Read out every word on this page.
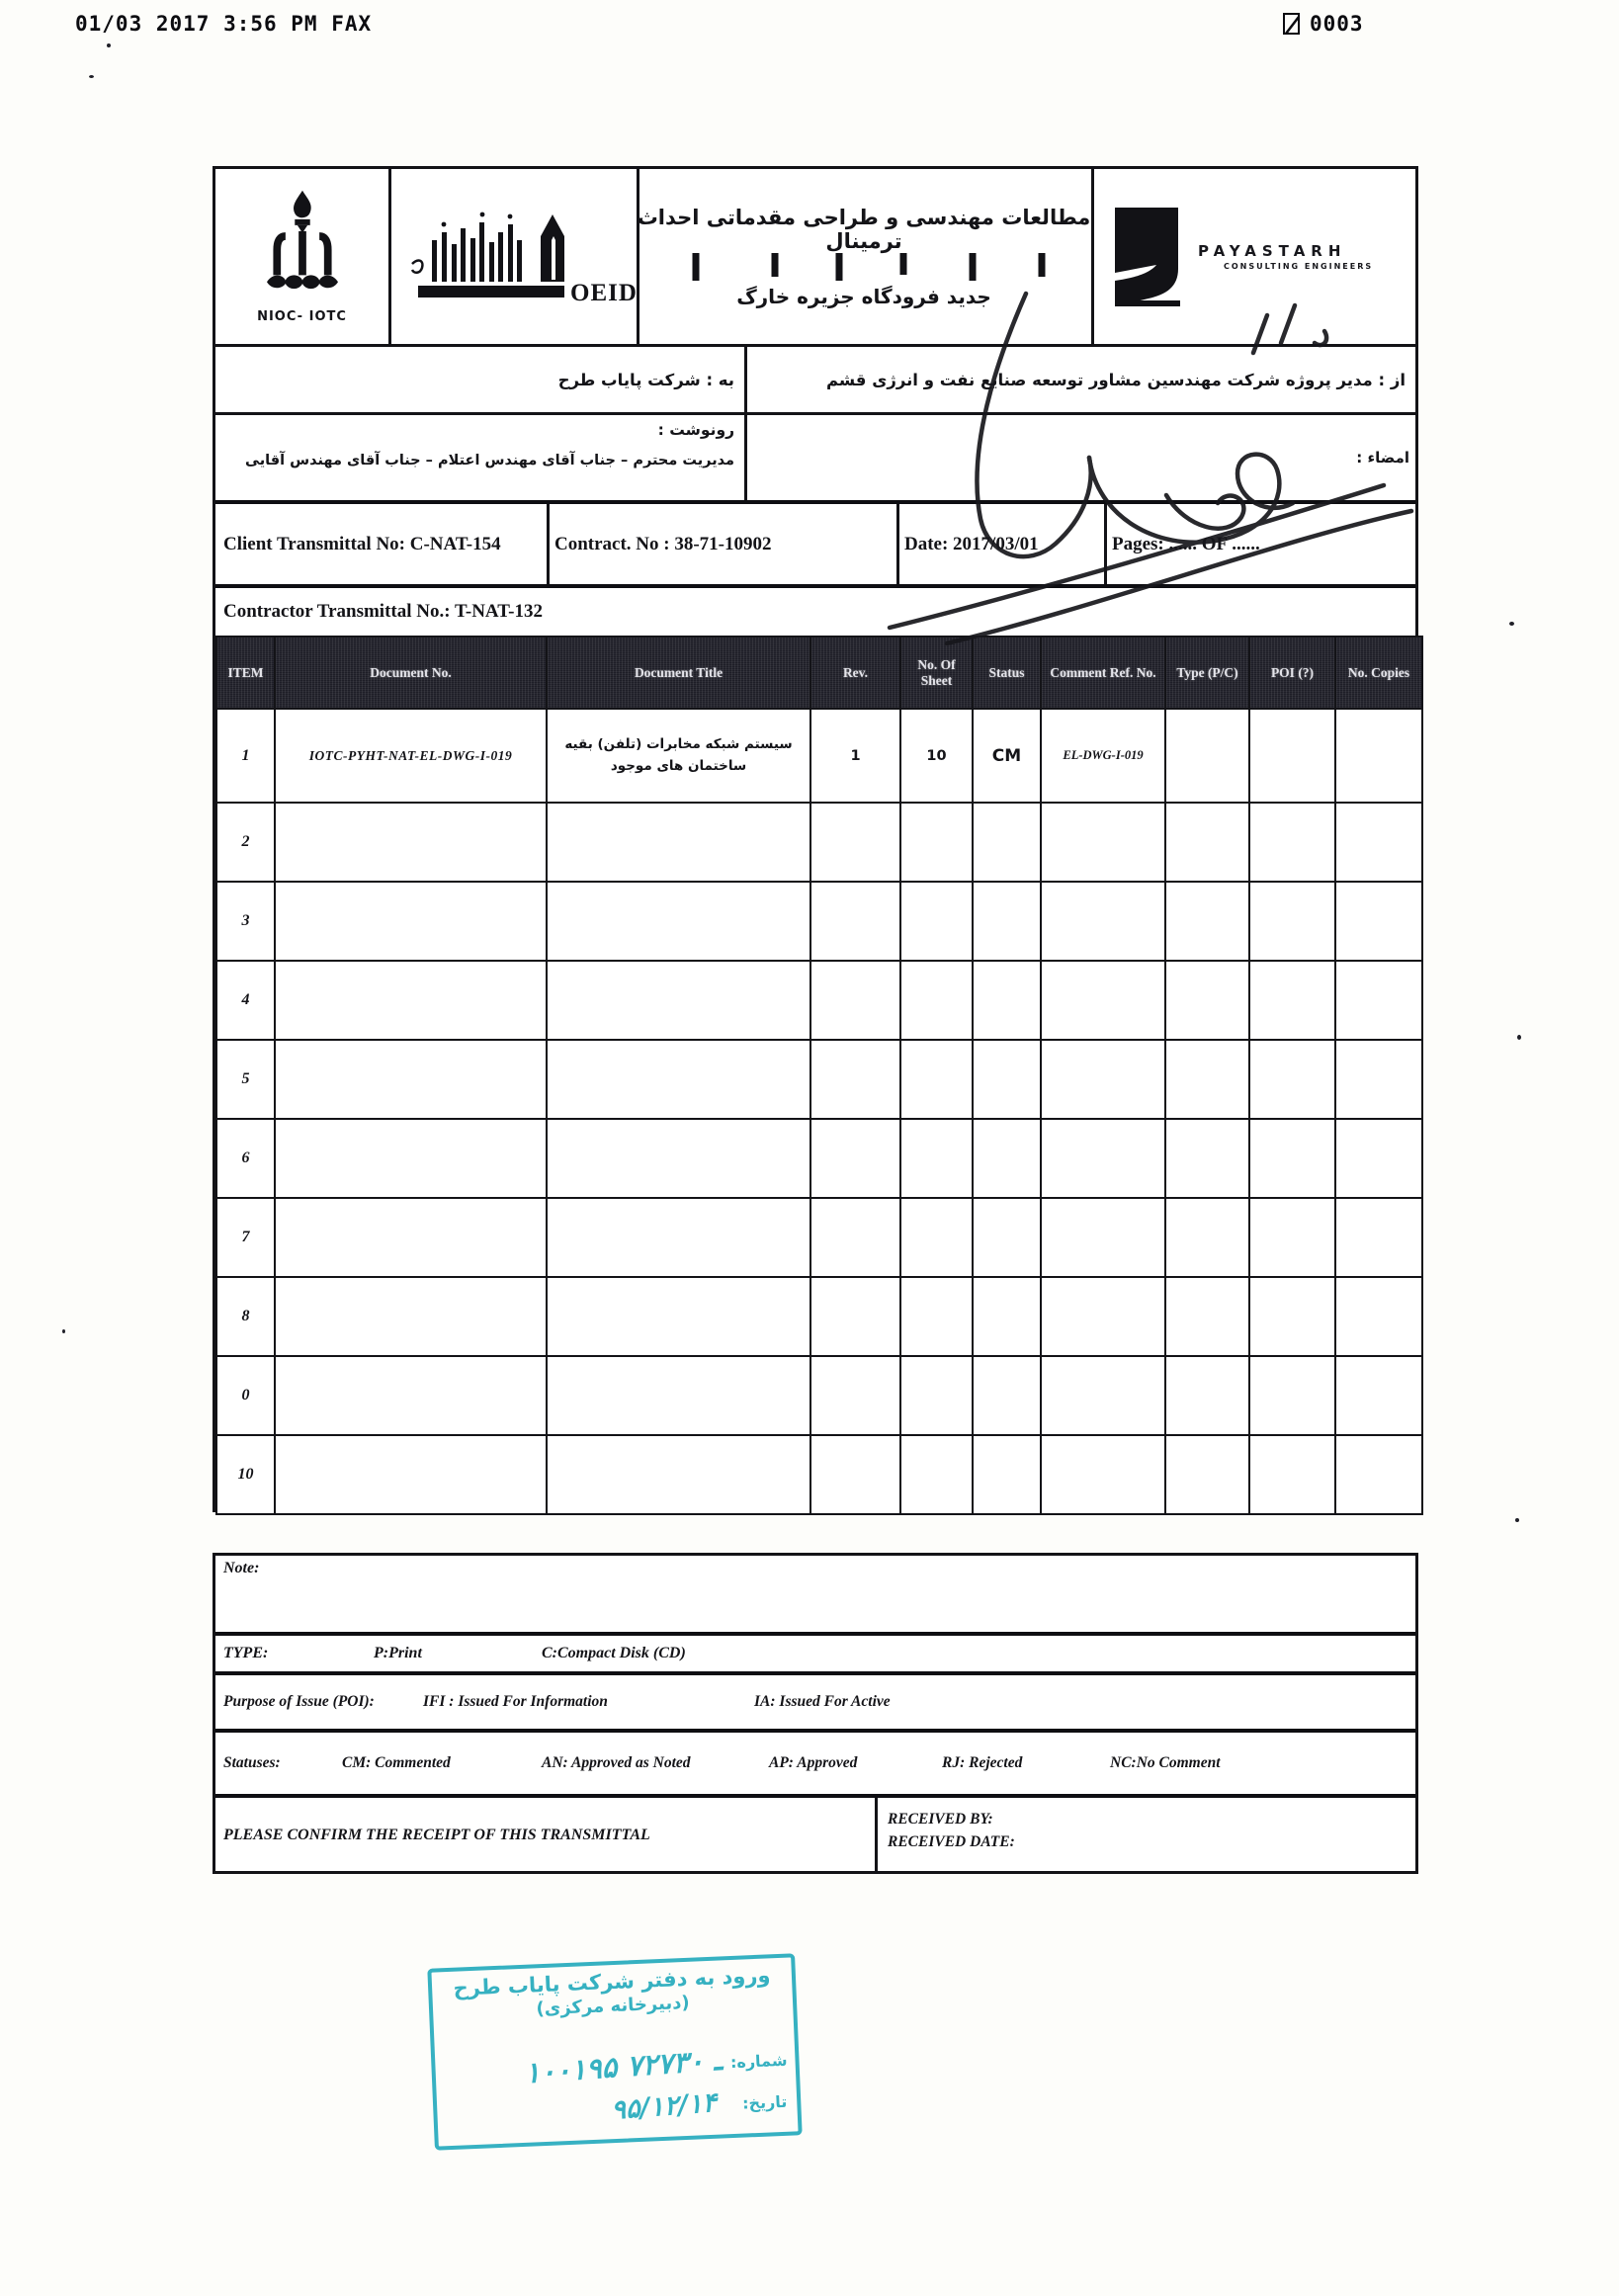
01/03 2017 3:56 PM FAX	0003
NIOC- IOTC
OEID
مطالعات مهندسی و طراحی مقدماتی احداث ترمینال
جدید فرودگاه جزیره خارگ
PAYASTARH
CONSULTING ENGINEERS
به : شرکت پایاب طرح	از : مدیر پروژه شرکت مهندسین مشاور توسعه صنایع نفت و انرژی قشم
رونوشت :
مدیریت محترم – جناب آقای مهندس اعتلام – جناب آقای مهندس آقایی	امضاء :
Client Transmittal No: C-NAT-154	Contract. No : 38-71-10902	Date: 2017/03/01	Pages: ...... OF ......
Contractor Transmittal No.: T-NAT-132
ITEM	Document No.	Document Title	Rev.	No. Of Sheet	Status	Comment Ref. No.	Type (P/C)	POI (?)	No. Copies
1	IOTC-PYHT-NAT-EL-DWG-I-019	سیستم شبکه مخابرات (تلفن) بقیه ساختمان های موجود	1	10	CM	EL-DWG-I-019			
2									
3									
4									
5									
6									
7									
8									
0									
10									
Note:
TYPE:	P:Print	C:Compact Disk (CD)
Purpose of Issue (POI):	IFI : Issued For Information	IA: Issued For Active
Statuses:	CM: Commented	AN: Approved as Noted	AP: Approved	RJ: Rejected	NC:No Comment
PLEASE CONFIRM THE RECEIPT OF THIS TRANSMITTAL
RECEIVED BY:
RECEIVED DATE:
ورود به دفتر شرکت پایاب طرح
(دبیرخانه مرکزی)
شماره:
۱۰۰۱۹۵ ـ ۷۲۷۳۰
تاریخ:
۹۵/۱۲/۱۴
